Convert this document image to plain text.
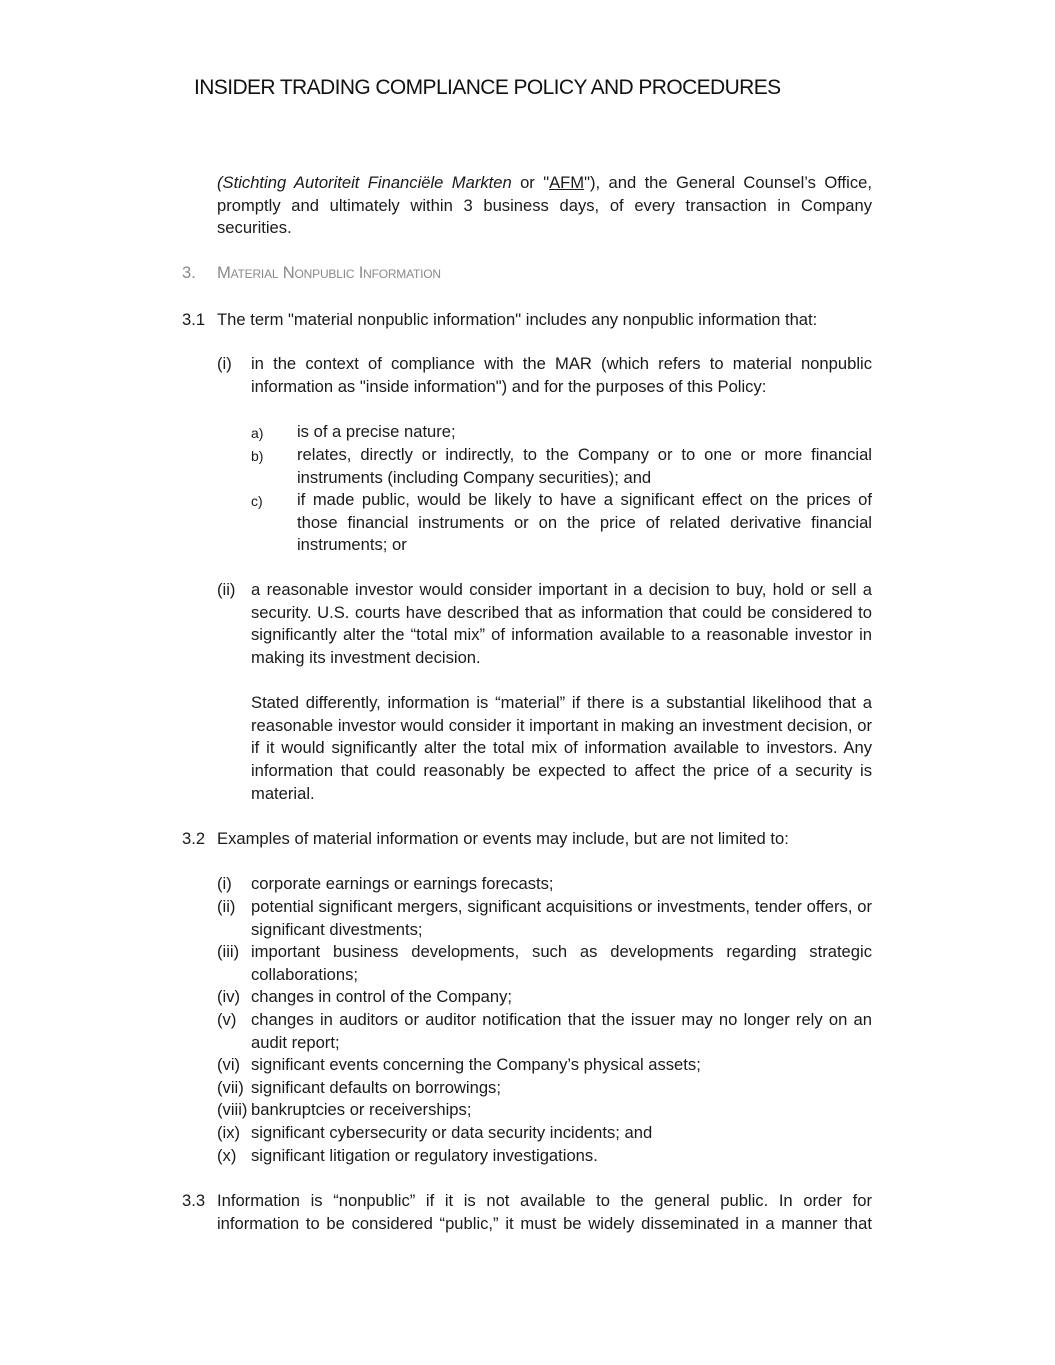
INSIDER TRADING COMPLIANCE POLICY AND PROCEDURES
(Stichting Autoriteit Financiële Markten or "AFM"), and the General Counsel’s Office, promptly and ultimately within 3 business days, of every transaction in Company securities.
3. Material Nonpublic Information
3.1 The term "material nonpublic information" includes any nonpublic information that:
(i) in the context of compliance with the MAR (which refers to material nonpublic information as "inside information") and for the purposes of this Policy:
a) is of a precise nature;
b) relates, directly or indirectly, to the Company or to one or more financial instruments (including Company securities); and
c) if made public, would be likely to have a significant effect on the prices of those financial instruments or on the price of related derivative financial instruments; or
(ii) a reasonable investor would consider important in a decision to buy, hold or sell a security. U.S. courts have described that as information that could be considered to significantly alter the “total mix” of information available to a reasonable investor in making its investment decision.
Stated differently, information is “material” if there is a substantial likelihood that a reasonable investor would consider it important in making an investment decision, or if it would significantly alter the total mix of information available to investors. Any information that could reasonably be expected to affect the price of a security is material.
3.2 Examples of material information or events may include, but are not limited to:
(i) corporate earnings or earnings forecasts;
(ii) potential significant mergers, significant acquisitions or investments, tender offers, or significant divestments;
(iii) important business developments, such as developments regarding strategic collaborations;
(iv) changes in control of the Company;
(v) changes in auditors or auditor notification that the issuer may no longer rely on an audit report;
(vi) significant events concerning the Company’s physical assets;
(vii) significant defaults on borrowings;
(viii) bankruptcies or receiverships;
(ix) significant cybersecurity or data security incidents; and
(x) significant litigation or regulatory investigations.
3.3 Information is “nonpublic” if it is not available to the general public. In order for information to be considered “public,” it must be widely disseminated in a manner that
